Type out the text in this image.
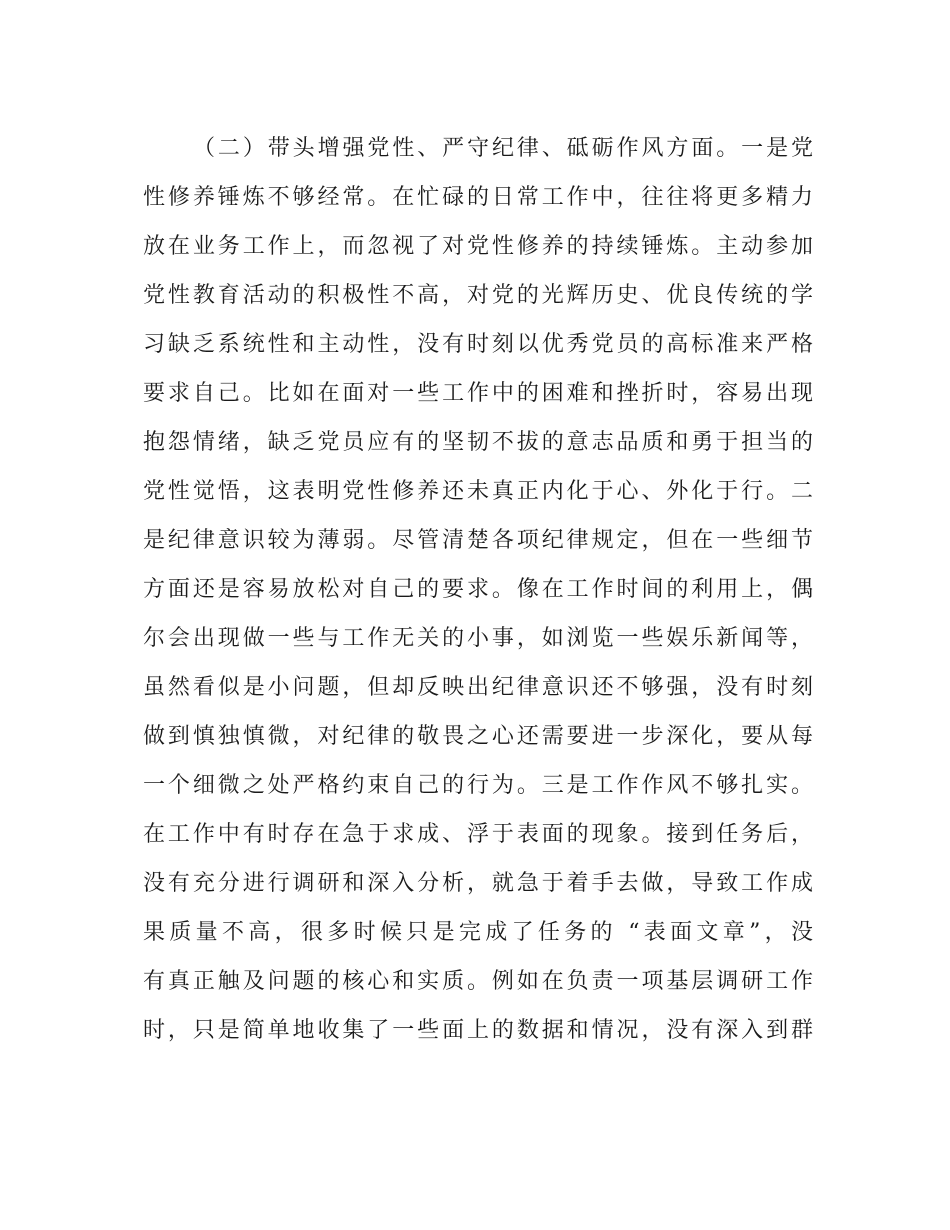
（二）带头增强党性、严守纪律、砥砺作风方面。一是党
性修养锤炼不够经常。在忙碌的日常工作中，往往将更多精力
放在业务工作上，而忽视了对党性修养的持续锤炼。主动参加
党性教育活动的积极性不高，对党的光辉历史、优良传统的学
习缺乏系统性和主动性，没有时刻以优秀党员的高标准来严格
要求自己。比如在面对一些工作中的困难和挫折时，容易出现
抱怨情绪，缺乏党员应有的坚韧不拔的意志品质和勇于担当的
党性觉悟，这表明党性修养还未真正内化于心、外化于行。二
是纪律意识较为薄弱。尽管清楚各项纪律规定，但在一些细节
方面还是容易放松对自己的要求。像在工作时间的利用上，偶
尔会出现做一些与工作无关的小事，如浏览一些娱乐新闻等，
虽然看似是小问题，但却反映出纪律意识还不够强，没有时刻
做到慎独慎微，对纪律的敬畏之心还需要进一步深化，要从每
一个细微之处严格约束自己的行为。三是工作作风不够扎实。
在工作中有时存在急于求成、浮于表面的现象。接到任务后，
没有充分进行调研和深入分析，就急于着手去做，导致工作成
果质量不高，很多时候只是完成了任务的 “表面文章”，没
有真正触及问题的核心和实质。例如在负责一项基层调研工作
时，只是简单地收集了一些面上的数据和情况，没有深入到群
